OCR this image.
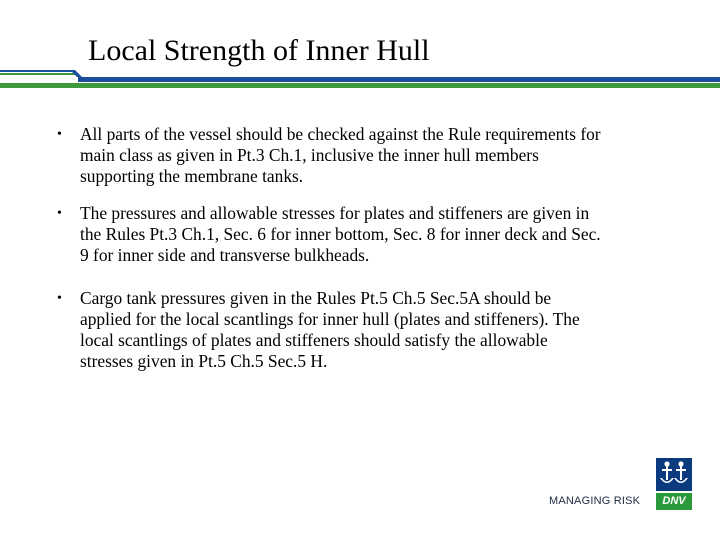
Local Strength of Inner Hull
• All parts of the vessel should be checked against the Rule requirements for
main class as given in Pt.3 Ch.1, inclusive the inner hull members
supporting the membrane tanks.
• The pressures and allowable stresses for plates and stiffeners are given in
the Rules Pt.3 Ch.1, Sec. 6 for inner bottom, Sec. 8 for inner deck and Sec.
9 for inner side and transverse bulkheads.
• Cargo tank pressures given in the Rules Pt.5 Ch.5 Sec.5A should be
applied for the local scantlings for inner hull (plates and stiffeners). The
local scantlings of plates and stiffeners should satisfy the allowable
stresses given in Pt.5 Ch.5 Sec.5 H.
MANAGING RISK	DNV
